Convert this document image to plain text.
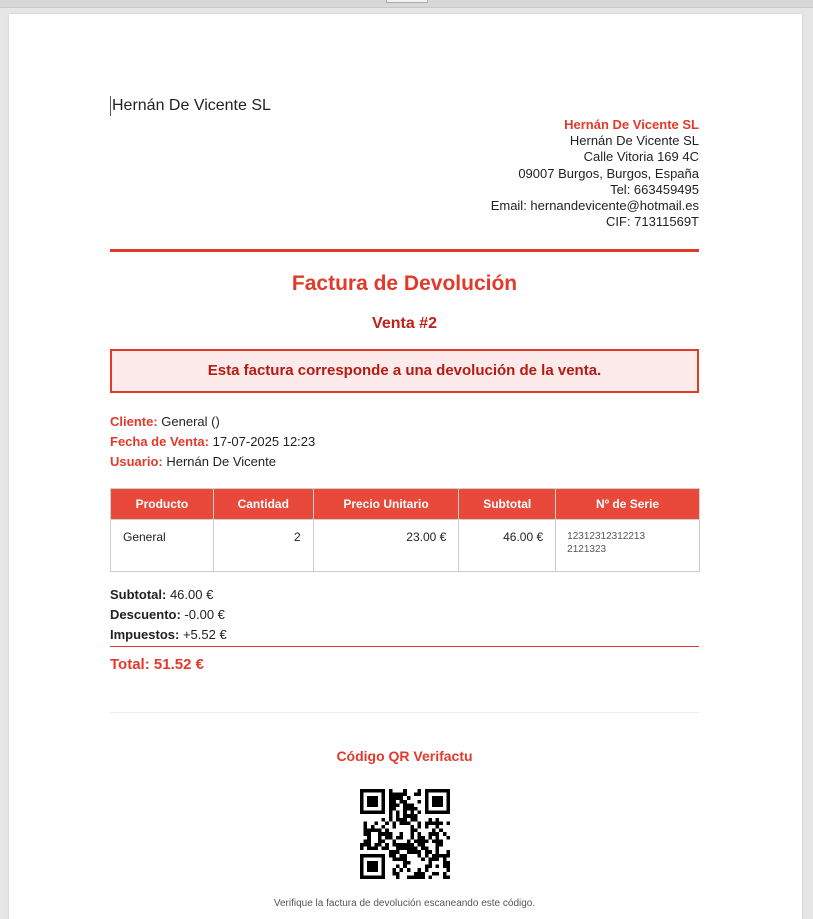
Hernán De Vicente SL
Hernán De Vicente SL
Hernán De Vicente SL
Calle Vitoria 169 4C
09007 Burgos, Burgos, España
Tel: 663459495
Email: hernandevicente@hotmail.es
CIF: 71311569T
Factura de Devolución
Venta #2
Esta factura corresponde a una devolución de la venta.
Cliente: General ()
Fecha de Venta: 17-07-2025 12:23
Usuario: Hernán De Vicente
Producto	Cantidad	Precio Unitario	Subtotal	Nº de Serie
General	2	23.00 €	46.00 €	12312312312213
2121323
Subtotal: 46.00 €
Descuento: -0.00 €
Impuestos: +5.52 €
Total: 51.52 €
Código QR Verifactu
Verifique la factura de devolución escaneando este código.
